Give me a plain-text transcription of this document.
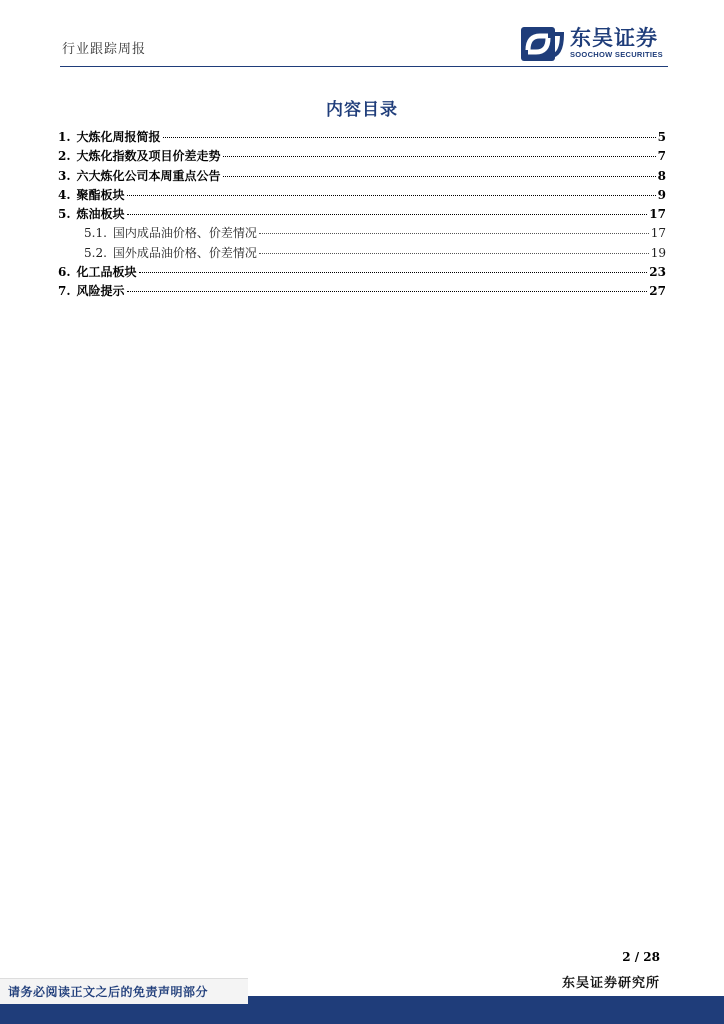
行业跟踪周报	东吴证券
SOOCHOW SECURITIES
内容目录
1. 大炼化周报简报	5
2. 大炼化指数及项目价差走势	7
3. 六大炼化公司本周重点公告	8
4. 聚酯板块	9
5. 炼油板块	17
5.1. 国内成品油价格、价差情况	17
5.2. 国外成品油价格、价差情况	19
6. 化工品板块	23
7. 风险提示	27
2 / 28
东吴证券研究所
请务必阅读正文之后的免责声明部分
